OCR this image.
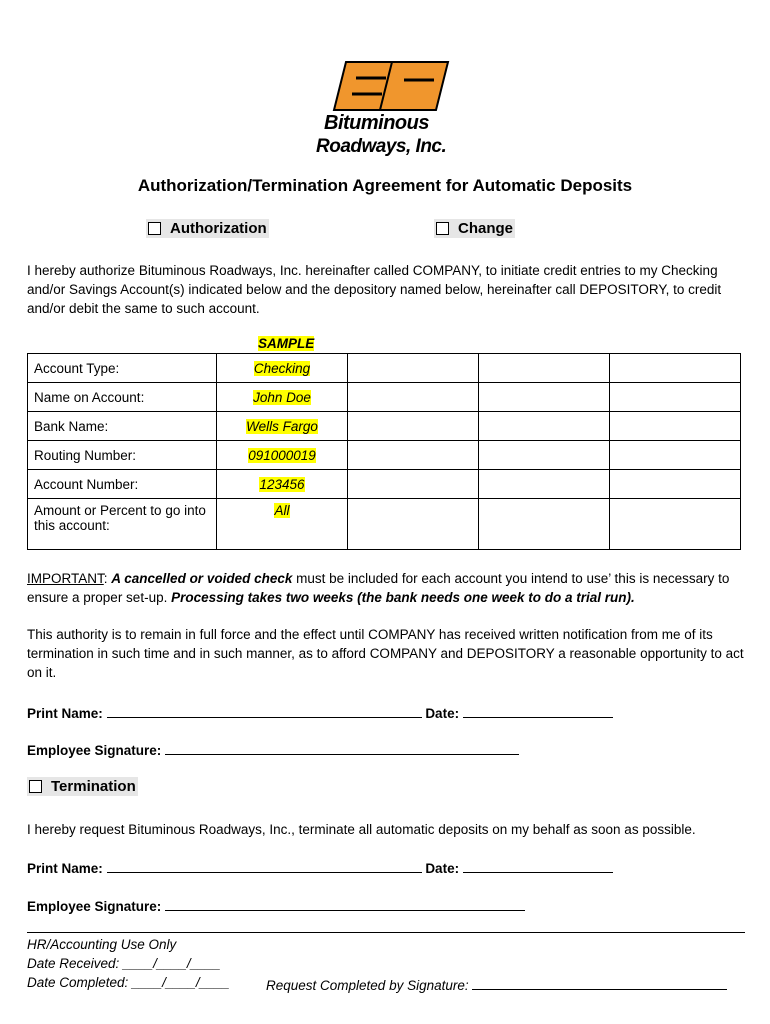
Bituminous
Roadways, Inc.
Authorization/Termination Agreement for Automatic Deposits
Authorization	Change
I hereby authorize Bituminous Roadways, Inc. hereinafter called COMPANY, to initiate credit entries to my Checking and/or Savings Account(s) indicated below and the depository named below, hereinafter call DEPOSITORY, to credit and/or debit the same to such account.
SAMPLE
Account Type:	Checking			
Name on Account:	John Doe			
Bank Name:	Wells Fargo			
Routing Number:	091000019			
Account Number:	123456			
Amount or Percent to go into this account:	All			
IMPORTANT: A cancelled or voided check must be included for each account you intend to use’ this is necessary to ensure a proper set-up. Processing takes two weeks (the bank needs one week to do a trial run).
This authority is to remain in full force and the effect until COMPANY has received written notification from me of its termination in such time and in such manner, as to afford COMPANY and DEPOSITORY a reasonable opportunity to act on it.
Print Name:	Date:
Employee Signature:
Termination
I hereby request Bituminous Roadways, Inc., terminate all automatic deposits on my behalf as soon as possible.
Print Name:	Date:
Employee Signature:
HR/Accounting Use Only
Date Received: ____/____/____
Date Completed: ____/____/____	Request Completed by Signature:
